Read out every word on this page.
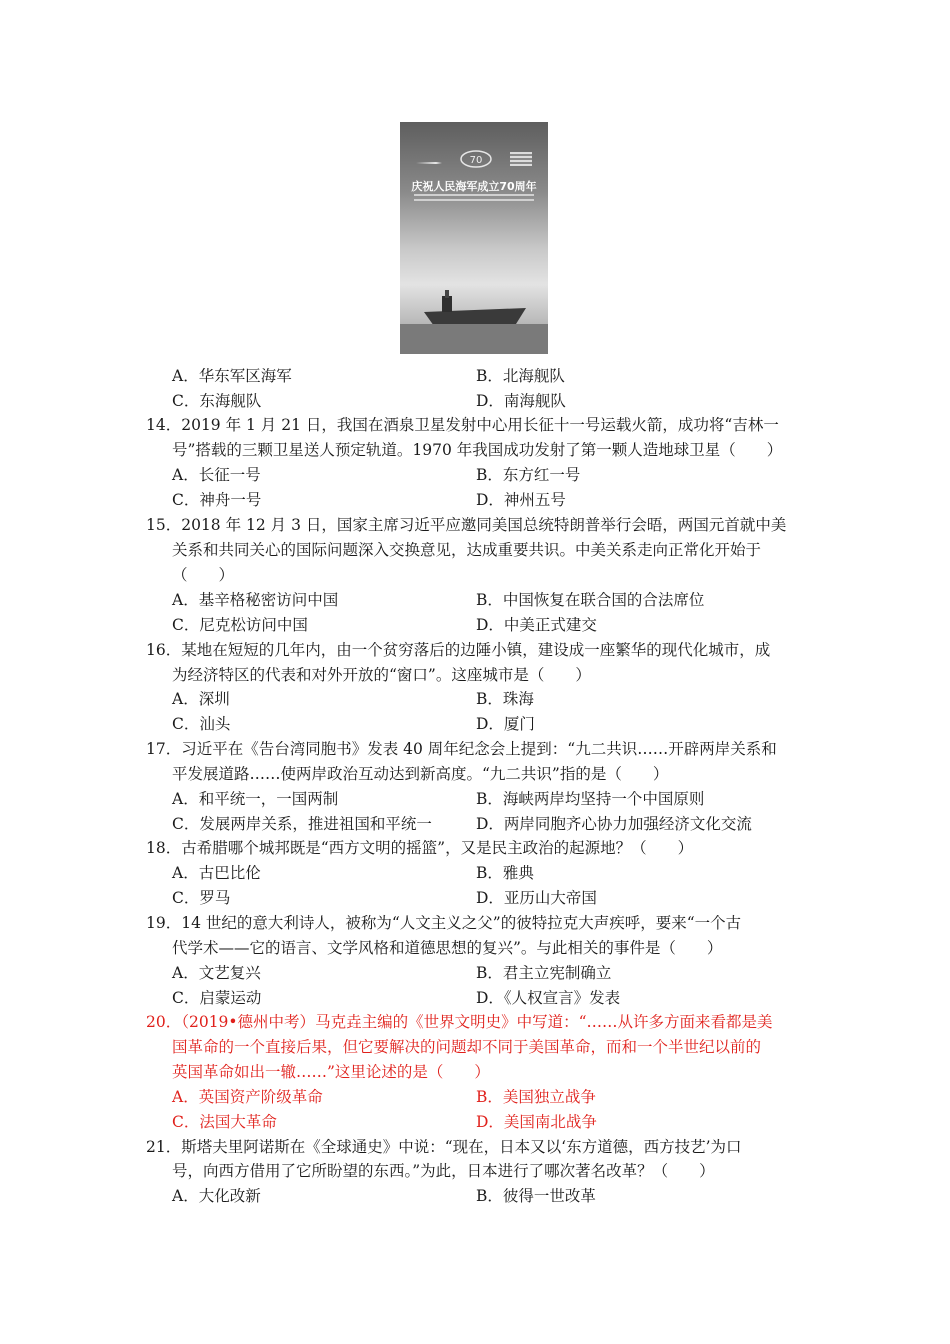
70
庆祝人民海军成立70周年
A．华东军区海军	B．北海舰队
C．东海舰队	D．南海舰队
14．2019 年 1 月 21 日，我国在酒泉卫星发射中心用长征十一号运载火箭，成功将“吉林一
号”搭载的三颗卫星送人预定轨道。1970 年我国成功发射了第一颗人造地球卫星（　　）
A．长征一号	B．东方红一号
C．神舟一号	D．神州五号
15．2018 年 12 月 3 日，国家主席习近平应邀同美国总统特朗普举行会晤，两国元首就中美
关系和共同关心的国际问题深入交换意见，达成重要共识。中美关系走向正常化开始于
（　　）
A．基辛格秘密访问中国	B．中国恢复在联合国的合法席位
C．尼克松访问中国	D．中美正式建交
16．某地在短短的几年内，由一个贫穷落后的边陲小镇，建设成一座繁华的现代化城市，成
为经济特区的代表和对外开放的“窗口”。这座城市是（　　）
A．深圳	B．珠海
C．汕头	D．厦门
17．习近平在《告台湾同胞书》发表 40 周年纪念会上提到：“九二共识……开辟两岸关系和
平发展道路……使两岸政治互动达到新高度。“九二共识”指的是（　　）
A．和平统一，一国两制	B．海峡两岸均坚持一个中国原则
C．发展两岸关系，推进祖国和平统一	D．两岸同胞齐心协力加强经济文化交流
18．古希腊哪个城邦既是“西方文明的摇篮”，又是民主政治的起源地？（　　）
A．古巴比伦	B．雅典
C．罗马	D．亚历山大帝国
19．14 世纪的意大利诗人，被称为“人文主义之父”的彼特拉克大声疾呼，要来“一个古
代学术——它的语言、文学风格和道德思想的复兴”。与此相关的事件是（　　）
A．文艺复兴	B．君主立宪制确立
C．启蒙运动	D．《人权宣言》发表
20．（2019•德州中考）马克垚主编的《世界文明史》中写道：“……从许多方面来看都是美
国革命的一个直接后果，但它要解决的问题却不同于美国革命，而和一个半世纪以前的
英国革命如出一辙……”这里论述的是（　　）
A．英国资产阶级革命	B．美国独立战争
C．法国大革命	D．美国南北战争
21．斯塔夫里阿诺斯在《全球通史》中说：“现在，日本又以‘东方道德，西方技艺’为口
号，向西方借用了它所盼望的东西。”为此，日本进行了哪次著名改革？（　　）
A．大化改新	B．彼得一世改革
